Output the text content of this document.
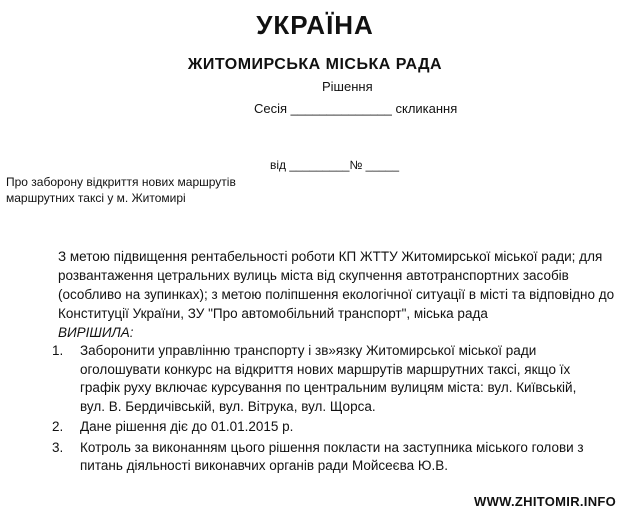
УКРАЇНА
ЖИТОМИРСЬКА МІСЬКА РАДА
Рішення
Сесія ______________ скликання
від _________№ _____
Про заборону відкриття нових маршрутів
маршрутних таксі у м. Житомирі
З метою підвищення рентабельності роботи КП ЖТТУ Житомирської міської ради; для
розвантаження цетральних вулиць міста від скупчення автотранспортних засобів
(особливо на зупинках); з метою поліпшення екологічної ситуації в місті та відповідно до
Конституції України, ЗУ "Про автомобільний транспорт", міська рада
ВИРІШИЛА:
1.	Заборонити управлінню транспорту і зв»язку Житомирської міської ради
оголошувати конкурс на відкриття нових маршрутів маршрутних таксі, якщо їх
графік руху включає курсування по центральним вулицям міста: вул. Київській,
вул. В. Бердичівській, вул. Вітрука, вул. Щорса.
2.	Дане рішення діє до 01.01.2015 р.
3.	Котроль за виконанням цього рішення покласти на заступника міського голови з
питань діяльності виконавчих органів ради Мойсеєва Ю.В.
WWW.ZHITOMIR.INFO
